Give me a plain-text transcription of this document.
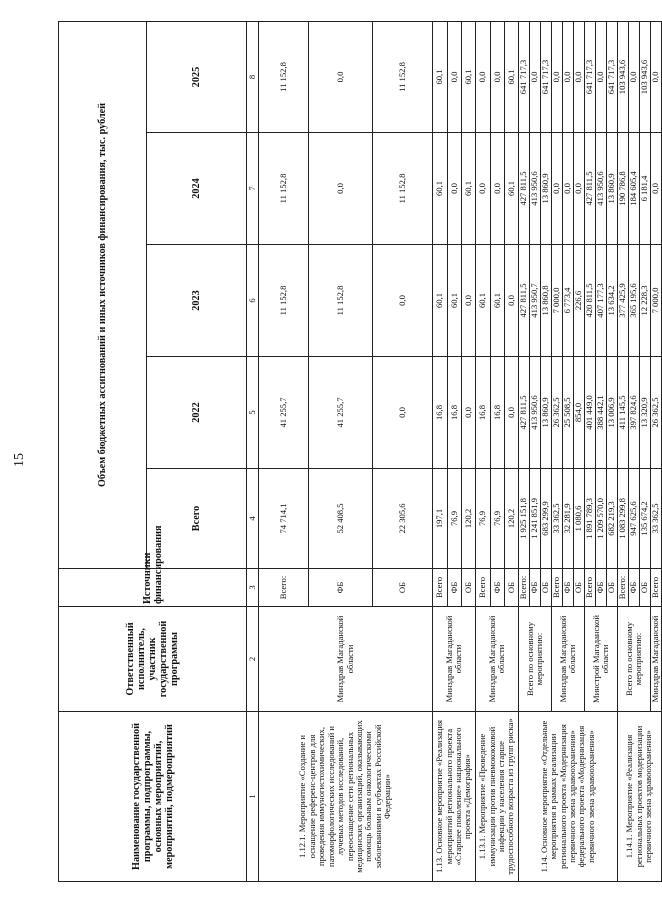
15
Наименование государственной программы, подпрограммы, основных мероприятий, мероприятий, подмероприятий	Ответственный исполнитель, участник государственной программы	Источники финансирования	Объем бюджетных ассигнований и иных источников финансирования, тыс. рублей				
			Всего	2022	2023	2024	2025
1	2	3	4	5	6	7	8
1.12.1. Мероприятие «Создание и оснащение референс-центров для проведения иммуногистохимических, патоморфологических исследований и лучевых методов исследований, переоснащение сети региональных медицинских организаций, оказывающих помощь больным онкологическими заболеваниями в субъектах Российской Федерации»	Минздрав Магаданской области	Всего:	74 714,1	41 255,7	11 152,8	11 152,8	11 152,8
		ФБ	52 408,5	41 255,7	11 152,8	0,0	0,0
		ОБ	22 305,6	0,0	0,0	11 152,8	11 152,8
1.13. Основное мероприятие «Реализация мероприятий регионального проекта «Старшее поколение» национального проекта «Демография»	Минздрав Магаданской области	Всего	197,1	16,8	60,1	60,1	60,1
		ФБ	76,9	16,8	60,1	0,0	0,0
		ОБ	120,2	0,0	0,0	60,1	60,1
1.13.1. Мероприятие «Проведение иммунизации против пневмококковой инфекции у населения старше трудоспособного возраста из групп риска»	Минздрав Магаданской области	Всего	76,9	16,8	60,1	0,0	0,0
		ФБ	76,9	16,8	60,1	0,0	0,0
		ОБ	120,2	0,0	0,0	60,1	60,1
1.14. Основное мероприятие «Отдельные мероприятия в рамках реализации регионального проекта «Модернизация первичного звена здравоохранения» федерального проекта «Модернизация первичного звена здравоохранения»	Всего по основному мероприятию:	Всего:	1 925 151,8	427 811,5	427 811,5	427 811,5	641 717,3
		ФБ	1 241 851,9	413 950,6	413 950,7	413 950,6	0,0
		ОБ	683 299,9	13 860,9	13 860,8	13 860,9	641 717,3
	Минздрав Магаданской области	Всего	33 362,5	26 362,5	7 000,0	0,0	0,0
		ФБ	32 281,9	25 508,5	6 773,4	0,0	0,0
		ОБ	1 080,6	854,0	226,6	0,0	0,0
	Минстрой Магаданской области	Всего	1 891 789,3	401 449,0	420 811,5	427 811,5	641 717,3
		ФБ	1 209 570,0	388 442,1	407 177,3	413 950,6	0,0
		ОБ	682 219,3	13 006,9	13 634,2	13 860,9	641 717,3
1.14.1. Мероприятие «Реализация региональных проектов модернизации первичного звена здравоохранения»	Всего по основному мероприятию:	Всего:	1 083 299,8	411 145,5	377 425,9	190 786,8	103 943,6
		ФБ	947 625,6	397 824,6	365 195,6	184 605,4	0,0
		ОБ	135 674,2	13 320,9	12 228,3	6 181,4	103 943,6
	Минздрав Магаданской	Всего	33 362,5	26 362,5	7 000,0	0,0	0,0
